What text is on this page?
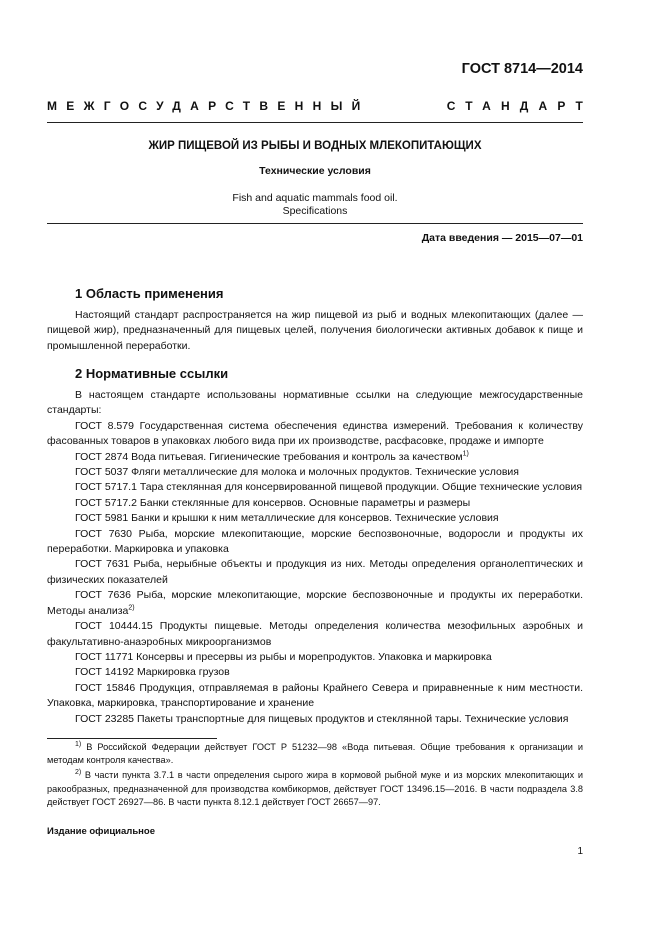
ГОСТ 8714—2014
МЕЖГОСУДАРСТВЕННЫЙ	СТАНДАРТ
ЖИР ПИЩЕВОЙ ИЗ РЫБЫ И ВОДНЫХ МЛЕКОПИТАЮЩИХ
Технические условия
Fish and aquatic mammals food oil.
Specifications
Дата введения — 2015—07—01
1 Область применения

Настоящий стандарт распространяется на жир пищевой из рыб и водных млекопитающих (далее — пищевой жир), предназначенный для пищевых целей, получения биологически активных добавок к пище и промышленной переработки.

2 Нормативные ссылки

В настоящем стандарте использованы нормативные ссылки на следующие межгосударственные стандарты:

ГОСТ 8.579 Государственная система обеспечения единства измерений. Требования к количеству фасованных товаров в упаковках любого вида при их производстве, расфасовке, продаже и импорте

ГОСТ 2874 Вода питьевая. Гигиенические требования и контроль за качеством$^{1)}$

ГОСТ 5037 Фляги металлические для молока и молочных продуктов. Технические условия

ГОСТ 5717.1 Тара стеклянная для консервированной пищевой продукции. Общие технические условия

ГОСТ 5717.2 Банки стеклянные для консервов. Основные параметры и размеры

ГОСТ 5981 Банки и крышки к ним металлические для консервов. Технические условия

ГОСТ 7630 Рыба, морские млекопитающие, морские беспозвоночные, водоросли и продукты их переработки. Маркировка и упаковка

ГОСТ 7631 Рыба, нерыбные объекты и продукция из них. Методы определения органолептических и физических показателей

ГОСТ 7636 Рыба, морские млекопитающие, морские беспозвоночные и продукты их переработки. Методы анализа$^{2)}$

ГОСТ 10444.15 Продукты пищевые. Методы определения количества мезофильных аэробных и факультативно-анаэробных микроорганизмов

ГОСТ 11771 Консервы и пресервы из рыбы и морепродуктов. Упаковка и маркировка

ГОСТ 14192 Маркировка грузов

ГОСТ 15846 Продукция, отправляемая в районы Крайнего Севера и приравненные к ним местности. Упаковка, маркировка, транспортирование и хранение

ГОСТ 23285 Пакеты транспортные для пищевых продуктов и стеклянной тары. Технические условия

$^{1)}$ В Российской Федерации действует ГОСТ Р 51232—98 «Вода питьевая. Общие требования к организации и методам контроля качества».

$^{2)}$ В части пункта 3.7.1 в части определения сырого жира в кормовой рыбной муке и из морских млекопитающих и ракообразных, предназначенной для производства комбикормов, действует ГОСТ 13496.15—2016. В части подраздела 3.8 действует ГОСТ 26927—86. В части пункта 8.12.1 действует ГОСТ 26657—97.

Издание официальное
1
